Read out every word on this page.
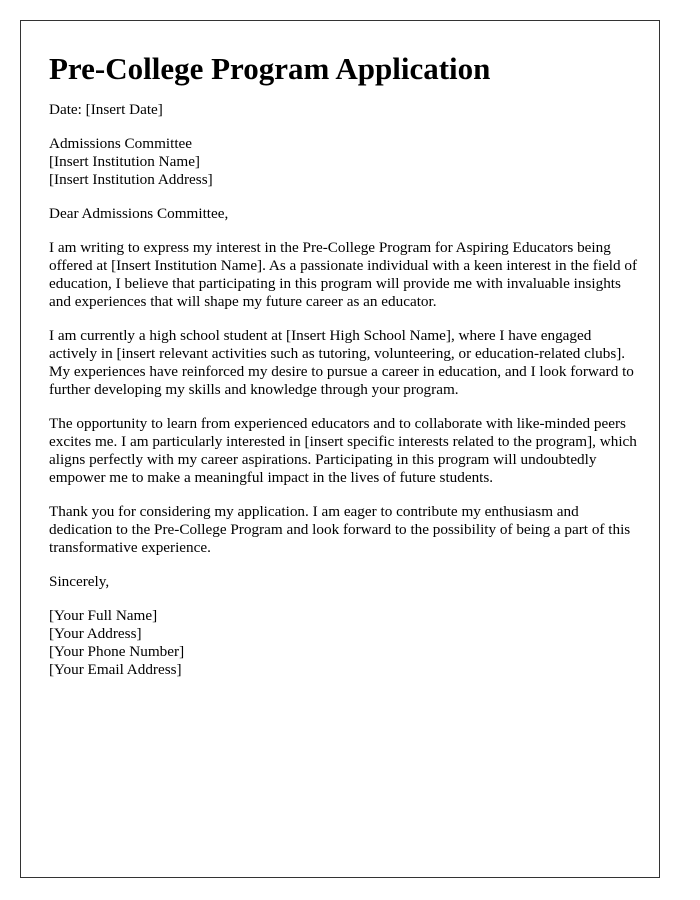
Pre-College Program Application

Date: [Insert Date]

Admissions Committee
[Insert Institution Name]
[Insert Institution Address]

Dear Admissions Committee,

I am writing to express my interest in the Pre-College Program for Aspiring Educators being offered at [Insert Institution Name]. As a passionate individual with a keen interest in the field of education, I believe that participating in this program will provide me with invaluable insights and experiences that will shape my future career as an educator.

I am currently a high school student at [Insert High School Name], where I have engaged actively in [insert relevant activities such as tutoring, volunteering, or education-related clubs]. My experiences have reinforced my desire to pursue a career in education, and I look forward to further developing my skills and knowledge through your program.

The opportunity to learn from experienced educators and to collaborate with like-minded peers excites me. I am particularly interested in [insert specific interests related to the program], which aligns perfectly with my career aspirations. Participating in this program will undoubtedly empower me to make a meaningful impact in the lives of future students.

Thank you for considering my application. I am eager to contribute my enthusiasm and dedication to the Pre-College Program and look forward to the possibility of being a part of this transformative experience.

Sincerely,

[Your Full Name]

[Your Address]

[Your Phone Number]

[Your Email Address]
